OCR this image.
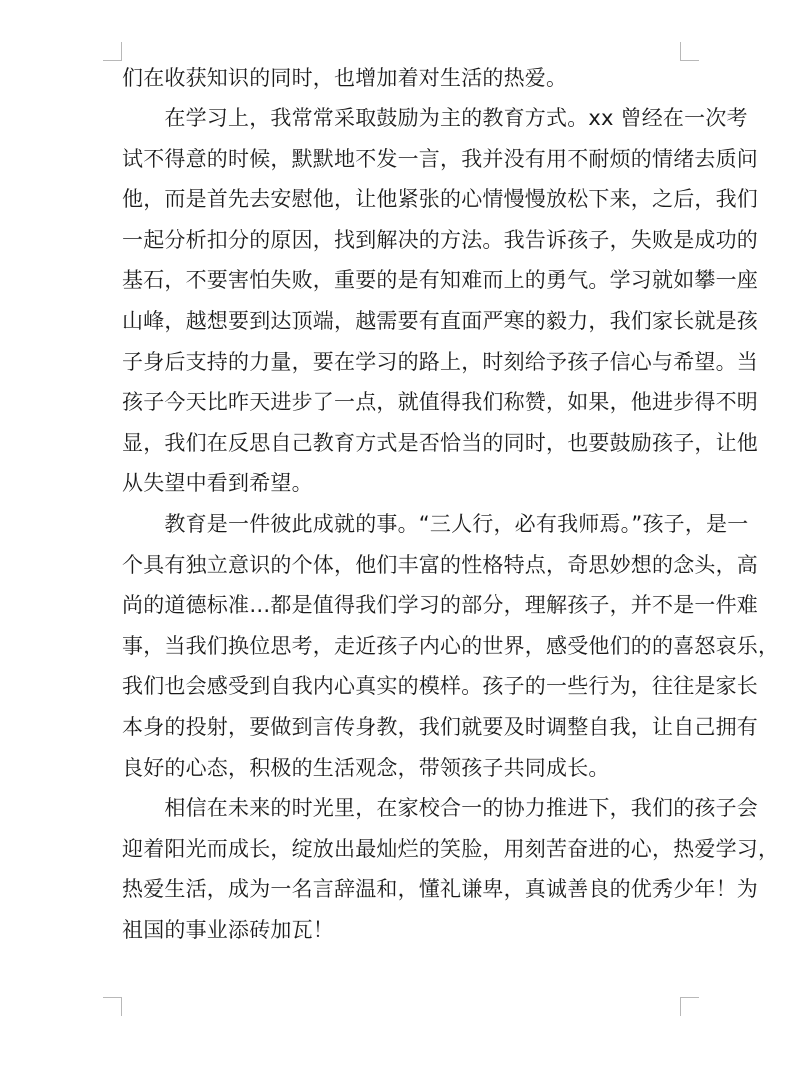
们在收获知识的同时，也增加着对生活的热爱。
　　在学习上，我常常采取鼓励为主的教育方式。xx 曾经在一次考
试不得意的时候，默默地不发一言，我并没有用不耐烦的情绪去质问
他，而是首先去安慰他，让他紧张的心情慢慢放松下来，之后，我们
一起分析扣分的原因，找到解决的方法。我告诉孩子，失败是成功的
基石，不要害怕失败，重要的是有知难而上的勇气。学习就如攀一座
山峰，越想要到达顶端，越需要有直面严寒的毅力，我们家长就是孩
子身后支持的力量，要在学习的路上，时刻给予孩子信心与希望。当
孩子今天比昨天进步了一点，就值得我们称赞，如果，他进步得不明
显，我们在反思自己教育方式是否恰当的同时，也要鼓励孩子，让他
从失望中看到希望。
　　教育是一件彼此成就的事。“三人行，必有我师焉。”孩子，是一
个具有独立意识的个体，他们丰富的性格特点，奇思妙想的念头，高
尚的道德标准…都是值得我们学习的部分，理解孩子，并不是一件难
事，当我们换位思考，走近孩子内心的世界，感受他们的的喜怒哀乐，
我们也会感受到自我内心真实的模样。孩子的一些行为，往往是家长
本身的投射，要做到言传身教，我们就要及时调整自我，让自己拥有
良好的心态，积极的生活观念，带领孩子共同成长。
　　相信在未来的时光里，在家校合一的协力推进下，我们的孩子会
迎着阳光而成长，绽放出最灿烂的笑脸，用刻苦奋进的心，热爱学习，
热爱生活，成为一名言辞温和，懂礼谦卑，真诚善良的优秀少年！为
祖国的事业添砖加瓦！
